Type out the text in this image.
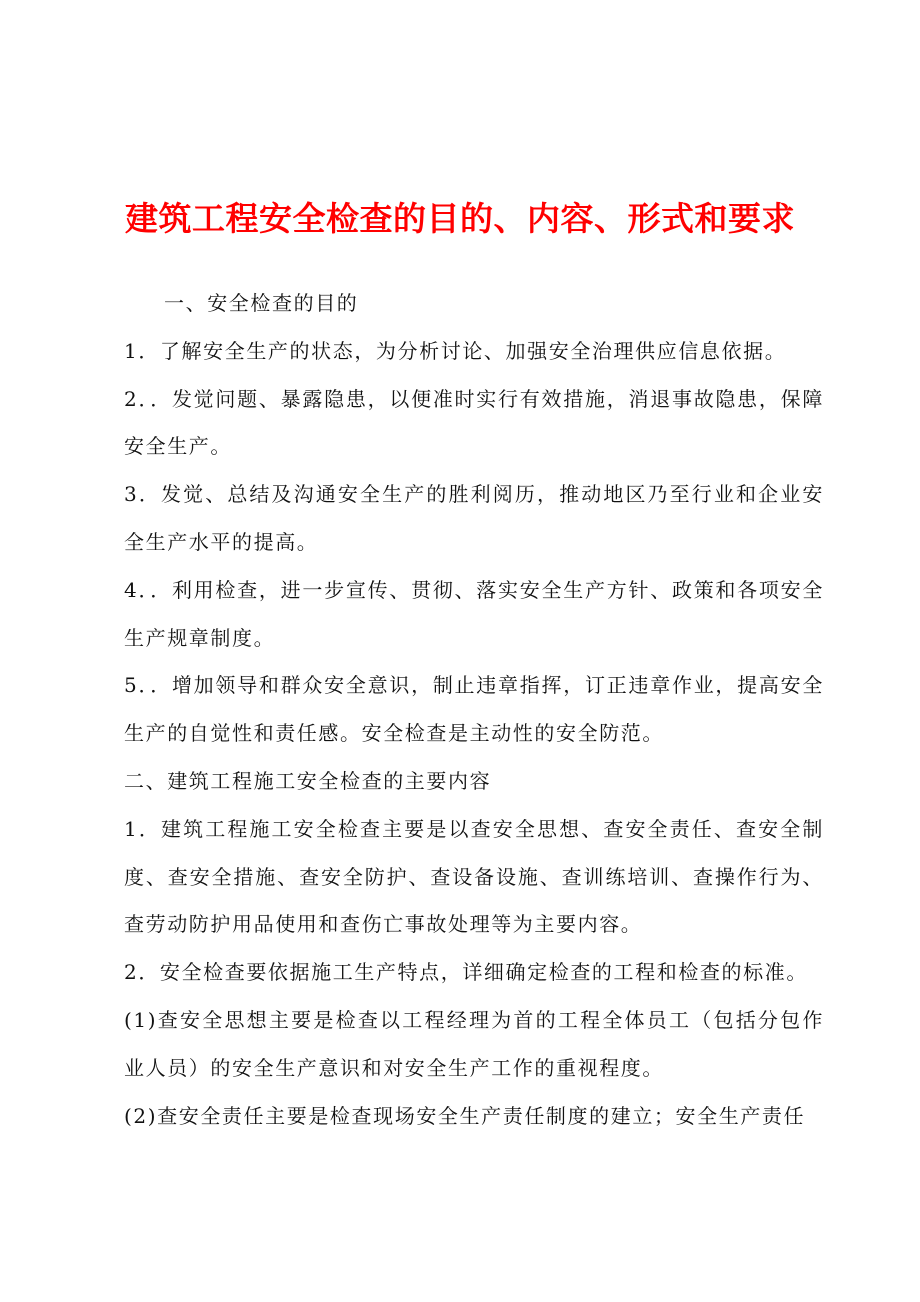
建筑工程安全检查的目的、内容、形式和要求

一、安全检查的目的

1．了解安全生产的状态，为分析讨论、加强安全治理供应信息依据。

2．．发觉问题、暴露隐患，以便准时实行有效措施，消退事故隐患，保障安全生产。

3．发觉、总结及沟通安全生产的胜利阅历，推动地区乃至行业和企业安全生产水平的提高。

4．．利用检查，进一步宣传、贯彻、落实安全生产方针、政策和各项安全生产规章制度。

5．．增加领导和群众安全意识，制止违章指挥，订正违章作业，提高安全生产的自觉性和责任感。安全检查是主动性的安全防范。

二、建筑工程施工安全检查的主要内容

1．建筑工程施工安全检查主要是以查安全思想、查安全责任、查安全制度、查安全措施、查安全防护、查设备设施、查训练培训、查操作行为、查劳动防护用品使用和查伤亡事故处理等为主要内容。

2．安全检查要依据施工生产特点，详细确定检查的工程和检查的标准。

(1)查安全思想主要是检查以工程经理为首的工程全体员工（包括分包作业人员）的安全生产意识和对安全生产工作的重视程度。

(2)查安全责任主要是检查现场安全生产责任制度的建立；安全生产责任
